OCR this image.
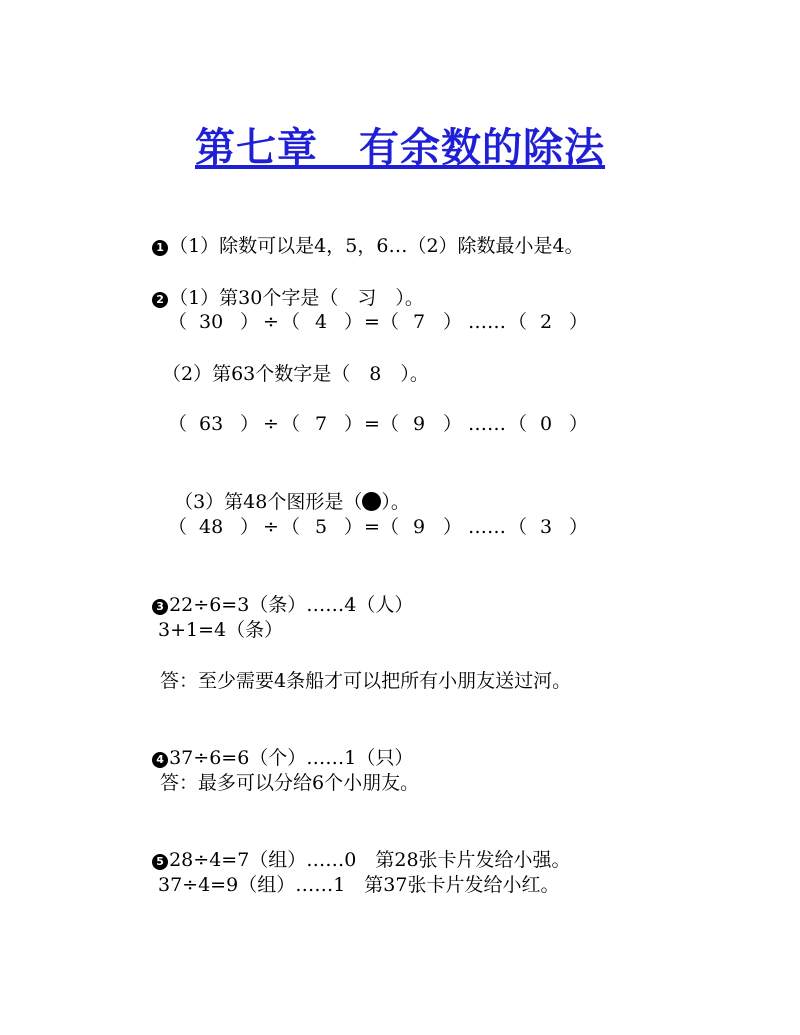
第七章　有余数的除法

1 （1）除数可以是4，5，6…（2）除数最小是4。

2 （1）第30个字是（　习　）。

（ 30 ） ÷ （ 4 ） = （ 7 ） …… （ 2 ）
（2）第63个数字是（　8　）。
（ 63 ） ÷ （ 7 ） = （ 9 ） …… （ 0 ）

（3）第48个图形是（ ）。

（ 48 ） ÷ （ 5 ） = （ 9 ） …… （ 3 ）

3 22÷6=3（条）……4（人）

3+1=4（条）
答：至少需要4条船才可以把所有小朋友送过河。

4 37÷6=6（个）……1（只）

答：最多可以分给6个小朋友。

5 28÷4=7（组）……0　第28张卡片发给小强。

37÷4=9（组）……1　第37张卡片发给小红。
